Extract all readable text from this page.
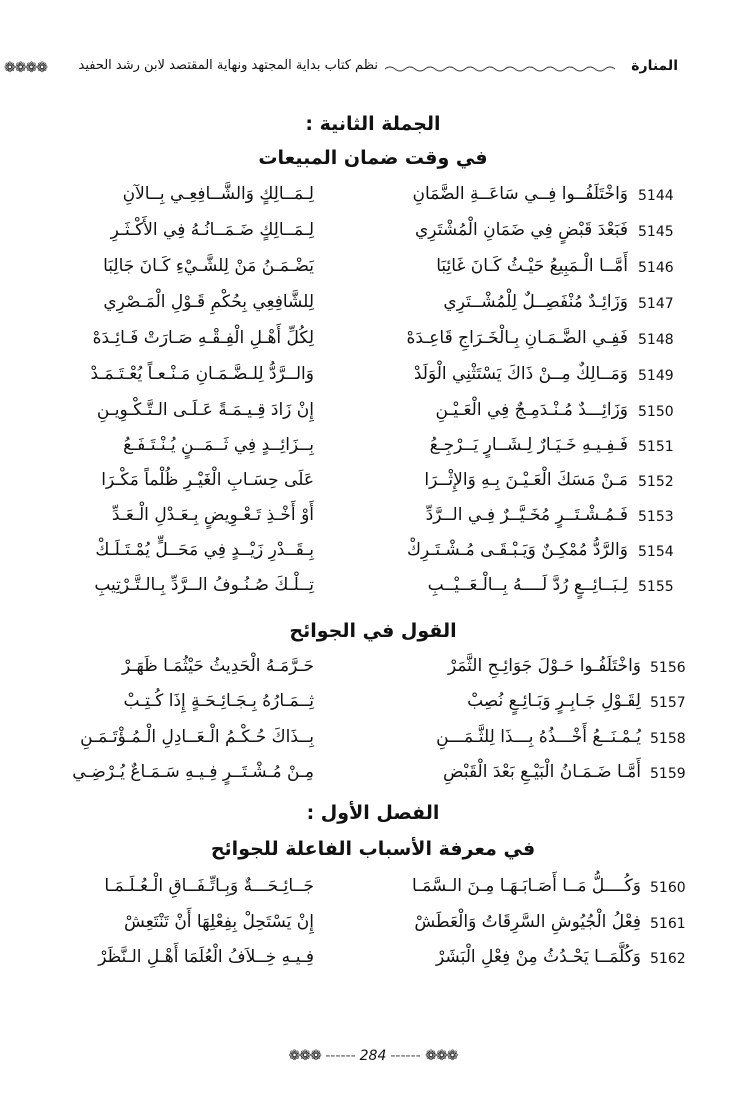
❁❁❁❁ نظم كتاب بداية المجتهد ونهاية المقتصد لابن رشد الحفيد	المنارة
الجملة الثانية :
في وقت ضمان المبيعات
5144
وَاخْتَلَفُــوا فِــي سَاعَــةِ الضَّمَانِ
لِـمَــالِكٍ وَالشَّــافِعِـي بِــالآنِ
5145
فَبَعْدَ قَبْضٍ فِي ضَمَانِ الْمُشْتَرِي
لِـمَــالِكٍ ضَـمَــانُـهُ فِي الأَكْـثَـرِ
5146
أَمَّــا الْـمَبِيعُ حَيْـثُ كَـانَ غَائِبَا
يَضْـمَـنُ مَنْ لِلشَّـيْءِ كَـانَ جَالِبَا
5147
وَزَائِـدٌ مُنْفَصِــلٌ لِلْمُشْــتَرِي
لِلشَّافِعِي بِحُكْمِ قَـوْلِ الْمَـصْرِي
5148
فَفِـي الضَّـمَـانِ بِـالْخَـرَاجِ قَاعِـدَهْ
لِكُلِّ أَهْـلِ الْفِـقْـهِ صَـارَتْ فَـائِـدَهْ
5149
وَمَــالِكٌ مِــنْ ذَاكَ يَسْتَثْنِي الْوَلَدْ
وَالــرَّدُّ لِلـضَّـمَـانِ مَـنْـعـاً يُعْـتَـمَـدْ
5150
وَزَائِـــدٌ مُـنْـدَمِـجٌ فِي الْعَـيْـنِ
إِنْ زَادَ قِـيـمَـةً عَـلَـى الـتَّـكْـوِيـنِ
5151
فَـفِـيـهِ خَـيَـارٌ لِـشَــارٍ يَــرْجِـعُ
بِــزَائِــدٍ فِي ثَــمَــنٍ يُـنْـتَـفَـعُ
5152
مَـنْ مَسَكَ الْعَـيْـنَ بِـهِ وَالإِثْــرَا
عَلَى حِسَـابِ الْغَيْـرِ ظُلْماً مَكْـرَا
5153
فَـمُـشْـتَــرٍ مُخَـيَّــرٌ فِـي الــرَّدِّ
أَوْ أَخْـذِ تَـعْـوِيضٍ بِـعَـدْلِ الْـعَـدِّ
5154
وَالرَّدُّ مُمْكِـنٌ وَيَـبْـقَـى مُـشْـتَـرِكْ
بِـقَــدْرِ زَيْــدٍ فِي مَحَــلٍّ يُمْـتَـلَـكْ
5155
لِـبَــائِــعٍ رُدَّ لَــــهُ بِــالْـعَــيْــبِ
تِــلْـكَ صُـنُـوفُ الــرَّدِّ بِـالـتَّـرْتِيبِ
القول في الجوائح
5156
وَاخْتَلَفُـوا حَـوْلَ جَوَائِـحِ الثَّمَرْ
حَـرَّمَـهُ الْحَدِيثُ حَيْثُمَـا ظَهَـرْ
5157
لِقَـوْلِ جَـابِـرٍ وَبَـائِـعٍ نُصِبْ
ثِــمَـارُهُ بِـجَـائِـحَـةٍ إِذَا كُـتِـبْ
5158
يُـمْـنَــعُ أَخْـــذُهُ بِـــذَا لِلثَّـمَـــنِ
بِــذَاكَ حُـكْـمُ الْـعَــادِلِ الْـمُـؤْتَـمَـنِ
5159
أَمَّـا ضَـمَـانُ الْبَيْـعِ بَعْدَ الْقَبْضِ
مِـنْ مُـشْـتَــرٍ فِـيـهِ سَـمَـاعٌ يُـرْضِـي
الفصل الأول :
في معرفة الأسباب الفاعلة للجوائح
5160
وَكُــــلُّ مَــا أَصَـابَـهَـا مِـنَ الـسَّمَـا
جَــائِـحَـــةٌ وَبِـاتِّـفَــاقِ الْـعُـلَـمَـا
5161
فِعْلُ الْجُيُوشِ السَّرِقَاتُ وَالْعَطَشْ
إِنْ يَسْتَحِلْ بِفِعْلِهَا أَنْ تَنْتَعِشْ
5162
وَكُلَّمَــا يَحْـدُثُ مِنْ فِعْلِ الْبَشَرْ
فِـيـهِ خِــلاَفُ الْعُلَمَا أَهْـلِ الـنَّظَرْ
❁❁❁ ------ 284 ------ ❁❁❁
